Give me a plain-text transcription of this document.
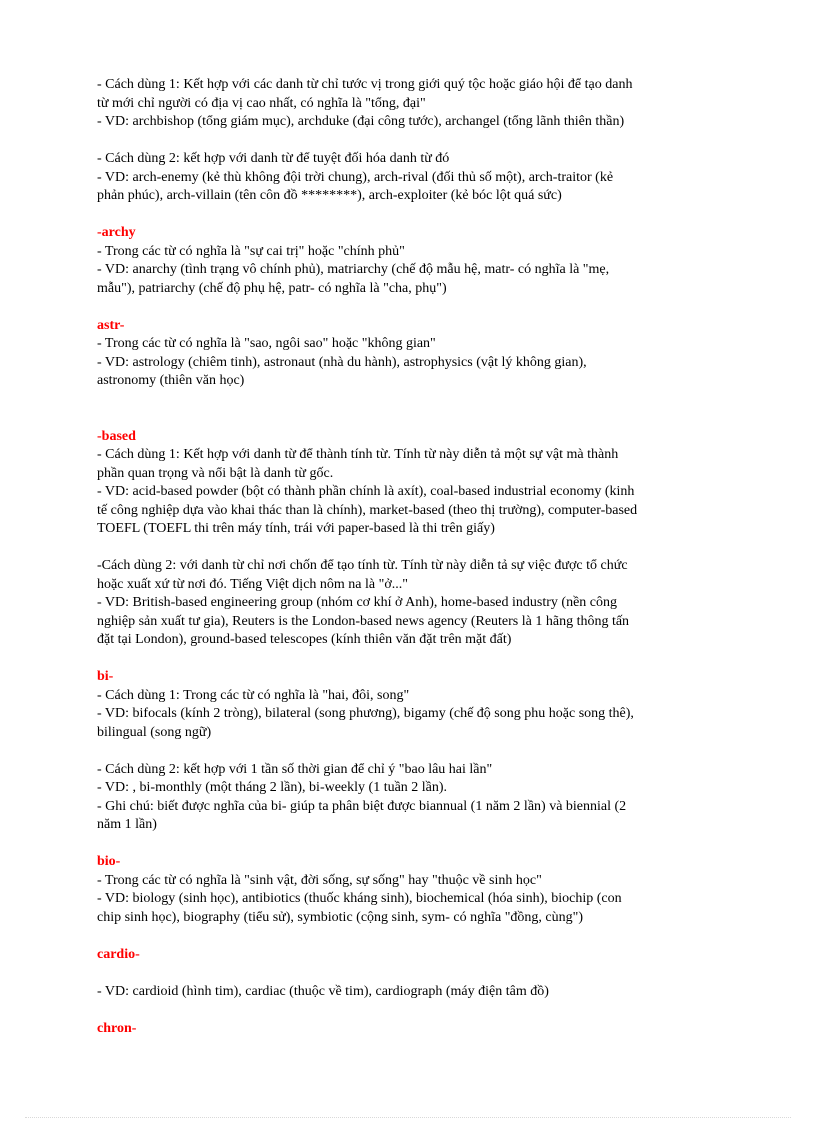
- Cách dùng 1: Kết hợp với các danh từ chỉ tước vị trong giới quý tộc hoặc giáo hội để tạo danh
từ mới chỉ người có địa vị cao nhất, có nghĩa là "tổng, đại"
- VD: archbishop (tổng giám mục), archduke (đại công tước), archangel (tổng lãnh thiên thần)
- Cách dùng 2: kết hợp với danh từ để tuyệt đối hóa danh từ đó
- VD: arch-enemy (kẻ thù không đội trời chung), arch-rival (đối thủ số một), arch-traitor (kẻ
phản phúc), arch-villain (tên côn đồ ********), arch-exploiter (kẻ bóc lột quá sức)
-archy
- Trong các từ có nghĩa là "sự cai trị" hoặc "chính phủ"
- VD: anarchy (tình trạng vô chính phủ), matriarchy (chế độ mẫu hệ, matr- có nghĩa là "mẹ,
mẫu"), patriarchy (chế độ phụ hệ, patr- có nghĩa là "cha, phụ")
astr-
- Trong các từ có nghĩa là "sao, ngôi sao" hoặc "không gian"
- VD: astrology (chiêm tinh), astronaut (nhà du hành), astrophysics (vật lý không gian),
astronomy (thiên văn học)
-based
- Cách dùng 1: Kết hợp với danh từ để thành tính từ. Tính từ này diễn tả một sự vật mà thành
phần quan trọng và nổi bật là danh từ gốc.
- VD: acid-based powder (bột có thành phần chính là axít), coal-based industrial economy (kinh
tế công nghiệp dựa vào khai thác than là chính), market-based (theo thị trường), computer-based
TOEFL (TOEFL thi trên máy tính, trái với paper-based là thi trên giấy)
-Cách dùng 2: với danh từ chỉ nơi chốn để tạo tính từ. Tính từ này diễn tả sự việc được tổ chức
hoặc xuất xứ từ nơi đó. Tiếng Việt dịch nôm na là "ở..."
- VD: British-based engineering group (nhóm cơ khí ở Anh), home-based industry (nền công
nghiệp sản xuất tư gia), Reuters is the London-based news agency (Reuters là 1 hãng thông tấn
đặt tại London), ground-based telescopes (kính thiên văn đặt trên mặt đất)
bi-
- Cách dùng 1: Trong các từ có nghĩa là "hai, đôi, song"
- VD: bifocals (kính 2 tròng), bilateral (song phương), bigamy (chế độ song phu hoặc song thê),
bilingual (song ngữ)
- Cách dùng 2: kết hợp với 1 tần số thời gian để chỉ ý "bao lâu hai lần"
- VD: , bi-monthly (một tháng 2 lần), bi-weekly (1 tuần 2 lần).
- Ghi chú: biết được nghĩa của bi- giúp ta phân biệt được biannual (1 năm 2 lần) và biennial (2
năm 1 lần)
bio-
- Trong các từ có nghĩa là "sinh vật, đời sống, sự sống" hay "thuộc về sinh học"
- VD: biology (sinh học), antibiotics (thuốc kháng sinh), biochemical (hóa sinh), biochip (con
chip sinh học), biography (tiểu sử), symbiotic (cộng sinh, sym- có nghĩa "đồng, cùng")
cardio-
- VD: cardioid (hình tim), cardiac (thuộc về tim), cardiograph (máy điện tâm đồ)
chron-
